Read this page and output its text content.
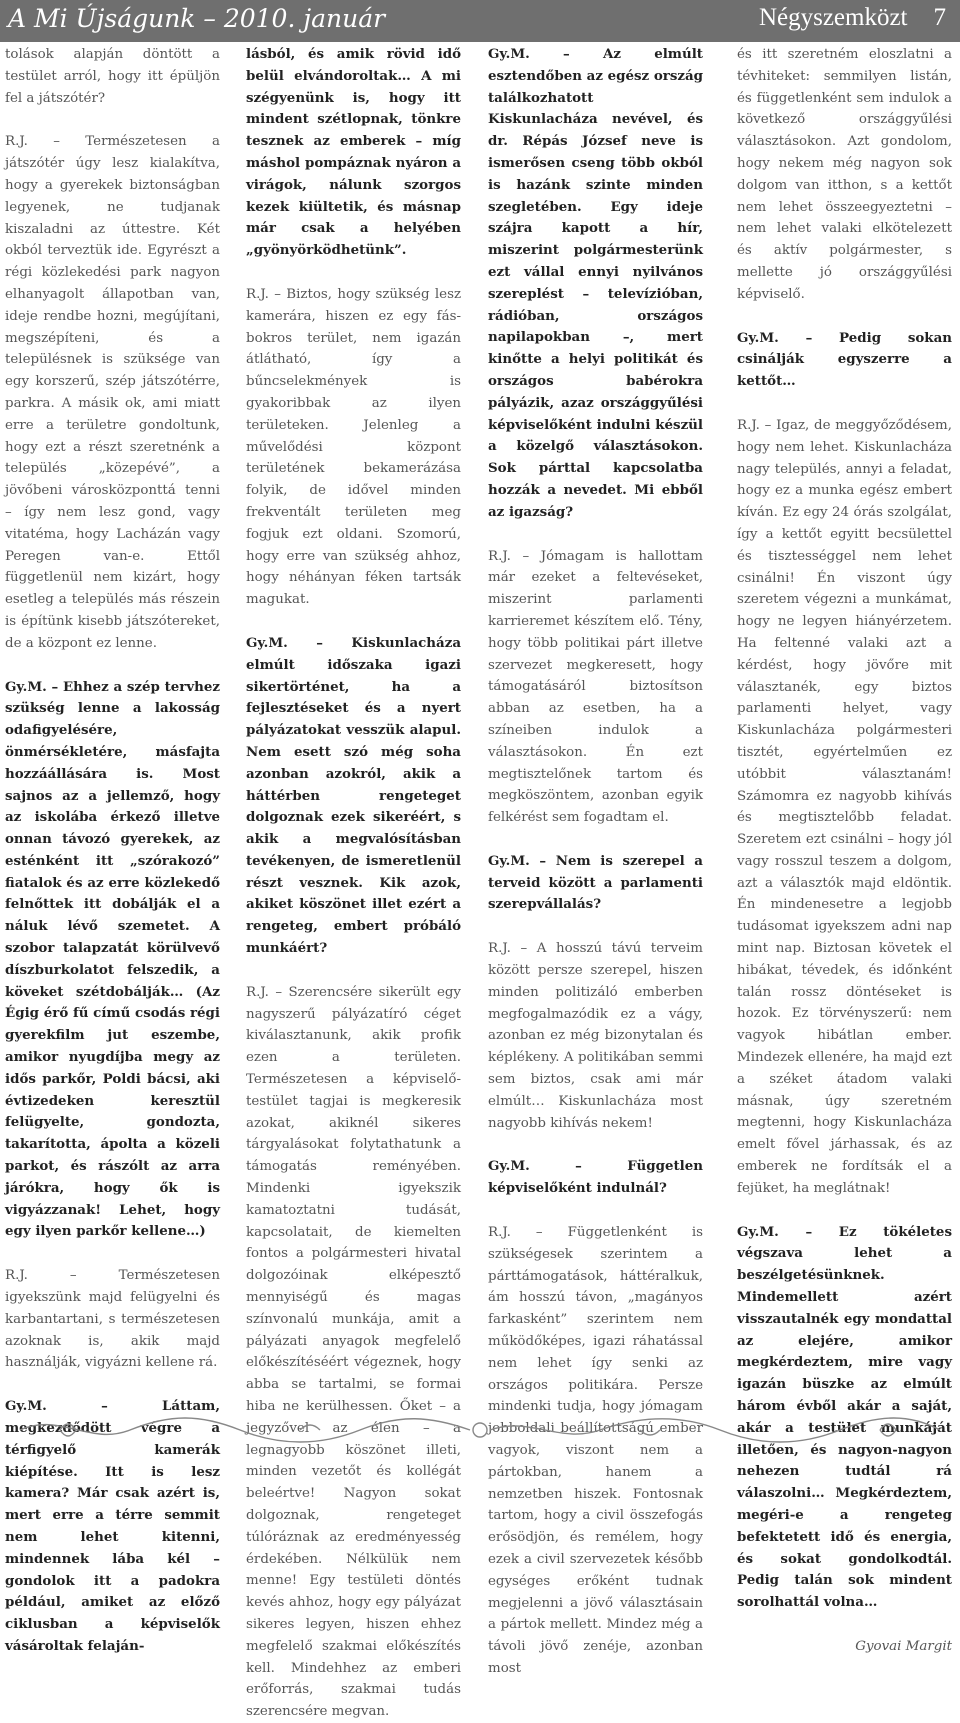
A Mi Újságunk – 2010. január	Négyszemközt 7

tolások alapján döntött a testület arról, hogy itt épüljön fel a játszótér?

R.J. – Természetesen a játszótér úgy lesz kialakítva, hogy a gyerekek biztonságban legyenek, ne tudjanak kiszaladni az úttestre. Két okból terveztük ide. Egyrészt a régi közlekedési park nagyon elhanyagolt állapotban van, ideje rendbe hozni, megújítani, megszépíteni, és a településnek is szüksége van egy korszerű, szép játszótérre, parkra. A másik ok, ami miatt erre a területre gondoltunk, hogy ezt a részt szeretnénk a település „közepévé”, a jövőbeni városközponttá tenni – így nem lesz gond, vagy vitatéma, hogy Lacházán vagy Peregen van-e. Ettől függetlenül nem kizárt, hogy esetleg a település más részein is építünk kisebb játszótereket, de a központ ez lenne.

Gy.M. – Ehhez a szép tervhez szükség lenne a lakosság odafigyelésére, önmérsékletére, másfajta hozzáállására is. Most sajnos az a jellemző, hogy az iskolába érkező illetve onnan távozó gyerekek, az esténként itt „szórakozó” fiatalok és az erre közlekedő felnőttek itt dobálják el a náluk lévő szemetet. A szobor talapzatát körülvevő díszburkolatot felszedik, a köveket szétdobálják… (Az Égig érő fű című csodás régi gyerekfilm jut eszembe, amikor nyugdíjba megy az idős parkőr, Poldi bácsi, aki évtizedeken keresztül felügyelte, gondozta, takarította, ápolta a közeli parkot, és rászólt az arra járókra, hogy ők is vigyázzanak! Lehet, hogy egy ilyen parkőr kellene…)

R.J. – Természetesen igyekszünk majd felügyelni és karbantartani, s természetesen azoknak is, akik majd használják, vigyázni kellene rá.

Gy.M. – Láttam, megkezdődött végre a térfigyelő kamerák kiépítése. Itt is lesz kamera? Már csak azért is, mert erre a térre semmit nem lehet kitenni, mindennek lába kél – gondolok itt a padokra például, amiket az előző ciklusban a képviselők vásároltak felaján-

lásból, és amik rövid idő belül elvándoroltak… A mi szégyenünk is, hogy itt mindent szétlopnak, tönkre tesznek az emberek – míg máshol pompáznak nyáron a virágok, nálunk szorgos kezek kiültetik, és másnap már csak a helyében „gyönyörködhetünk”.

R.J. – Biztos, hogy szükség lesz kamerára, hiszen ez egy fás-bokros terület, nem igazán átlátható, így a bűncselekmények is gyakoribbak az ilyen területeken. Jelenleg a művelődési központ területének bekamerázása folyik, de idővel minden frekventált területen meg fogjuk ezt oldani. Szomorú, hogy erre van szükség ahhoz, hogy néhányan féken tartsák magukat.

Gy.M. – Kiskunlacháza elmúlt időszaka igazi sikertörténet, ha a fejlesztéseket és a nyert pályázatokat vesszük alapul. Nem esett szó még soha azonban azokról, akik a háttérben rengeteget dolgoznak ezek sikeréért, s akik a megvalósításban tevékenyen, de ismeretlenül részt vesznek. Kik azok, akiket köszönet illet ezért a rengeteg, embert próbáló munkáért?

R.J. – Szerencsére sikerült egy nagyszerű pályázatíró céget kiválasztanunk, akik profik ezen a területen. Természetesen a képviselő-testület tagjai is megkeresik azokat, akiknél sikeres tárgyalásokat folytathatunk a támogatás reményében. Mindenki igyekszik kamatoztatni tudását, kapcsolatait, de kiemelten fontos a polgármesteri hivatal dolgozóinak elképesztő mennyiségű és magas színvonalú munkája, amit a pályázati anyagok megfelelő előkészítéséért végeznek, hogy abba se tartalmi, se formai hiba ne kerülhessen. Őket – a jegyzővel az élen – a legnagyobb köszönet illeti, minden vezetőt és kollégát beleértve! Nagyon sokat dolgoznak, rengeteget túlóráznak az eredményesség érdekében. Nélkülük nem menne! Egy testületi döntés kevés ahhoz, hogy egy pályázat sikeres legyen, hiszen ehhez megfelelő szakmai előkészítés kell. Mindehhez az emberi erőforrás, szakmai tudás szerencsére megvan.

Gy.M. – Az elmúlt esztendőben az egész ország találkozhatott Kiskunlacháza nevével, és dr. Répás József neve is ismerősen cseng több okból is hazánk szinte minden szegletében. Egy ideje szájra kapott a hír, miszerint polgármesterünk ezt vállal ennyi nyilvános szereplést – televízióban, rádióban, országos napilapokban –, mert kinőtte a helyi politikát és országos babérokra pályázik, azaz országgyűlési képviselőként indulni készül a közelgő választásokon. Sok párttal kapcsolatba hozzák a nevedet. Mi ebből az igazság?

R.J. – Jómagam is hallottam már ezeket a feltevéseket, miszerint parlamenti karrieremet készítem elő. Tény, hogy több politikai párt illetve szervezet megkeresett, hogy támogatásáról biztosítson abban az esetben, ha a színeiben indulok a választásokon. Én ezt megtisztelőnek tartom és megköszöntem, azonban egyik felkérést sem fogadtam el.

Gy.M. – Nem is szerepel a terveid között a parlamenti szerepvállalás?

R.J. – A hosszú távú terveim között persze szerepel, hiszen minden politizáló emberben megfogalmazódik ez a vágy, azonban ez még bizonytalan és képlékeny. A politikában semmi sem biztos, csak ami már elmúlt… Kiskunlacháza most nagyobb kihívás nekem!

Gy.M. – Független képviselőként indulnál?

R.J. – Függetlenként is szükségesek szerintem a párttámogatások, háttéralkuk, ám hosszú távon, „magányos farkasként” szerintem nem működőképes, igazi ráhatással nem lehet így senki az országos politikára. Persze mindenki tudja, hogy jómagam jobboldali beállítottságú ember vagyok, viszont nem a pártokban, hanem a nemzetben hiszek. Fontosnak tartom, hogy a civil összefogás erősödjön, és remélem, hogy ezek a civil szervezetek később egységes erőként tudnak megjelenni a jövő választásain a pártok mellett. Mindez még a távoli jövő zenéje, azonban most

és itt szeretném eloszlatni a tévhiteket: semmilyen listán, és függetlenként sem indulok a következő országgyűlési választásokon. Azt gondolom, hogy nekem még nagyon sok dolgom van itthon, s a kettőt nem lehet összeegyeztetni – nem lehet valaki elkötelezett és aktív polgármester, s mellette jó országgyűlési képviselő.

Gy.M. – Pedig sokan csinálják egyszerre a kettőt…

R.J. – Igaz, de meggyőződésem, hogy nem lehet. Kiskunlacháza nagy település, annyi a feladat, hogy ez a munka egész embert kíván. Ez egy 24 órás szolgálat, így a kettőt egyitt becsülettel és tisztességgel nem lehet csinálni! Én viszont úgy szeretem végezni a munkámat, hogy ne legyen hiányérzetem. Ha feltenné valaki azt a kérdést, hogy jövőre mit választanék, egy biztos parlamenti helyet, vagy Kiskunlacháza polgármesteri tisztét, egyértelműen ez utóbbit választanám! Számomra ez nagyobb kihívás és megtisztelőbb feladat. Szeretem ezt csinálni – hogy jól vagy rosszul teszem a dolgom, azt a választók majd eldöntik. Én mindenesetre a legjobb tudásomat igyekszem adni nap mint nap. Biztosan követek el hibákat, tévedek, és időnként talán rossz döntéseket is hozok. Ez törvényszerű: nem vagyok hibátlan ember. Mindezek ellenére, ha majd ezt a széket átadom valaki másnak, úgy szeretném megtenni, hogy Kiskunlacháza emelt fővel járhassak, és az emberek ne fordítsák el a fejüket, ha meglátnak!

Gy.M. – Ez tökéletes végszava lehet a beszélgetésünknek. Mindemellett azért visszautalnék egy mondattal az elejére, amikor megkérdeztem, mire vagy igazán büszke az elmúlt három évből akár a saját, akár a testület munkáját illetően, és nagyon-nagyon nehezen tudtál rá válaszolni… Megkérdeztem, megéri-e a rengeteg befektetett idő és energia, és sokat gondolkodtál. Pedig talán sok mindent sorolhattál volna…

Gyovai Margit
